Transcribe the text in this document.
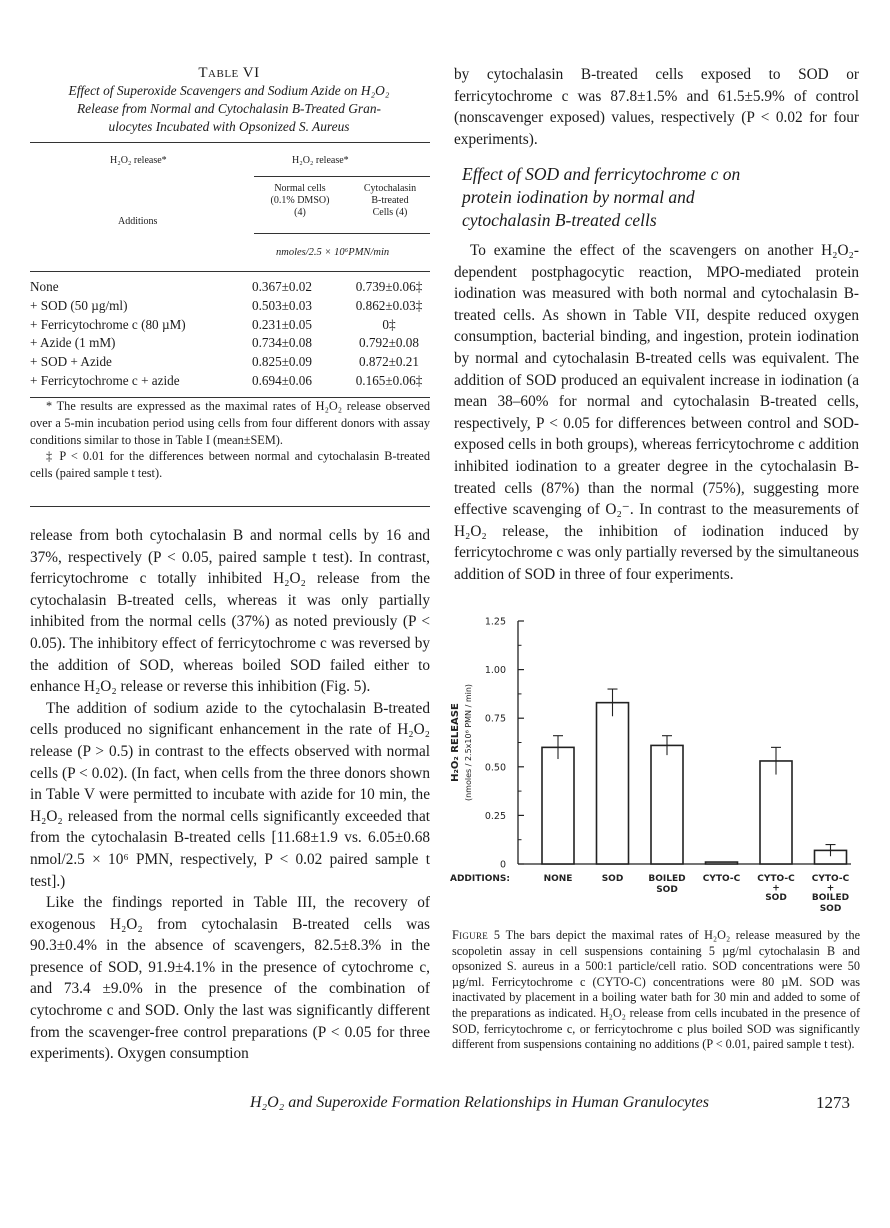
Table VI
Effect of Superoxide Scavengers and Sodium Azide on H₂O₂
Release from Normal and Cytochalasin B-Treated Gran-
ulocytes Incubated with Opsonized S. Aureus
H₂O₂ release*	H₂O₂ release*
Additions
Normal cells
(0.1% DMSO)
(4)
Cytochalasin
B-treated
Cells (4)
nmoles/2.5 × 10⁶PMN/min
None	0.367±0.02	0.739±0.06‡
+ SOD (50 µg/ml)	0.503±0.03	0.862±0.03‡
+ Ferricytochrome c (80 µM)	0.231±0.05	0‡
+ Azide (1 mM)	0.734±0.08	0.792±0.08
+ SOD + Azide	0.825±0.09	0.872±0.21
+ Ferricytochrome c + azide	0.694±0.06	0.165±0.06‡

* The results are expressed as the maximal rates of H₂O₂ release observed over a 5-min incubation period using cells from four different donors with assay conditions similar to those in Table I (mean±SEM).

‡ P < 0.01 for the differences between normal and cytochalasin B-treated cells (paired sample t test).

release from both cytochalasin B and normal cells by 16 and 37%, respectively (P < 0.05, paired sample t test). In contrast, ferricytochrome c totally inhibited H₂O₂ release from the cytochalasin B-treated cells, whereas it was only partially inhibited from the normal cells (37%) as noted previously (P < 0.05). The inhibitory effect of ferricytochrome c was reversed by the addition of SOD, whereas boiled SOD failed either to enhance H₂O₂ release or reverse this inhibition (Fig. 5).

The addition of sodium azide to the cytochalasin B-treated cells produced no significant enhancement in the rate of H₂O₂ release (P > 0.5) in contrast to the effects observed with normal cells (P < 0.02). (In fact, when cells from the three donors shown in Table V were permitted to incubate with azide for 10 min, the H₂O₂ released from the normal cells significantly exceeded that from the cytochalasin B-treated cells [11.68±1.9 vs. 6.05±0.68 nmol/2.5 × 10⁶ PMN, respectively, P < 0.02 paired sample t test].)

Like the findings reported in Table III, the recovery of exogenous H₂O₂ from cytochalasin B-treated cells was 90.3±0.4% in the absence of scavengers, 82.5±8.3% in the presence of SOD, 91.9±4.1% in the presence of cytochrome c, and 73.4 ±9.0% in the presence of the combination of cytochrome c and SOD. Only the last was significantly different from the scavenger-free control preparations (P < 0.05 for three experiments). Oxygen consumption

by cytochalasin B-treated cells exposed to SOD or ferricytochrome c was 87.8±1.5% and 61.5±5.9% of control (nonscavenger exposed) values, respectively (P < 0.02 for four experiments).

Effect of SOD and ferricytochrome c on
protein iodination by normal and
cytochalasin B-treated cells

To examine the effect of the scavengers on another H₂O₂-dependent postphagocytic reaction, MPO-mediated protein iodination was measured with both normal and cytochalasin B-treated cells. As shown in Table VII, despite reduced oxygen consumption, bacterial binding, and ingestion, protein iodination by normal and cytochalasin B-treated cells was equivalent. The addition of SOD produced an equivalent increase in iodination (a mean 38–60% for normal and cytochalasin B-treated cells, respectively, P < 0.05 for differences between control and SOD-exposed cells in both groups), whereas ferricytochrome c addition inhibited iodination to a greater degree in the cytochalasin B-treated cells (87%) than the normal (75%), suggesting more effective scavenging of O₂⁻. In contrast to the measurements of H₂O₂ release, the inhibition of iodination induced by ferricytochrome c was only partially reversed by the simultaneous addition of SOD in three of four experiments.

0
0.25
0.50
0.75
1.00
1.25
H₂O₂ RELEASE (nmoles / 2.5x10⁶ PMN / min)
ADDITIONS:	NONE	SOD	BOILED SOD
CYTO-C CYTO-C + SOD
CYTO-C + BOILED SOD
Figure 5 The bars depict the maximal rates of H₂O₂ release measured by the scopoletin assay in cell suspensions containing 5 µg/ml cytochalasin B and opsonized S. aureus in a 500:1 particle/cell ratio. SOD concentrations were 50 µg/ml. Ferricytochrome c (CYTO-C) concentrations were 80 µM. SOD was inactivated by placement in a boiling water bath for 30 min and added to some of the preparations as indicated. H₂O₂ release from cells incubated in the presence of SOD, ferricytochrome c, or ferricytochrome c plus boiled SOD was significantly different from suspensions containing no additions (P < 0.01, paired sample t test).
H₂O₂ and Superoxide Formation Relationships in Human Granulocytes	1273
